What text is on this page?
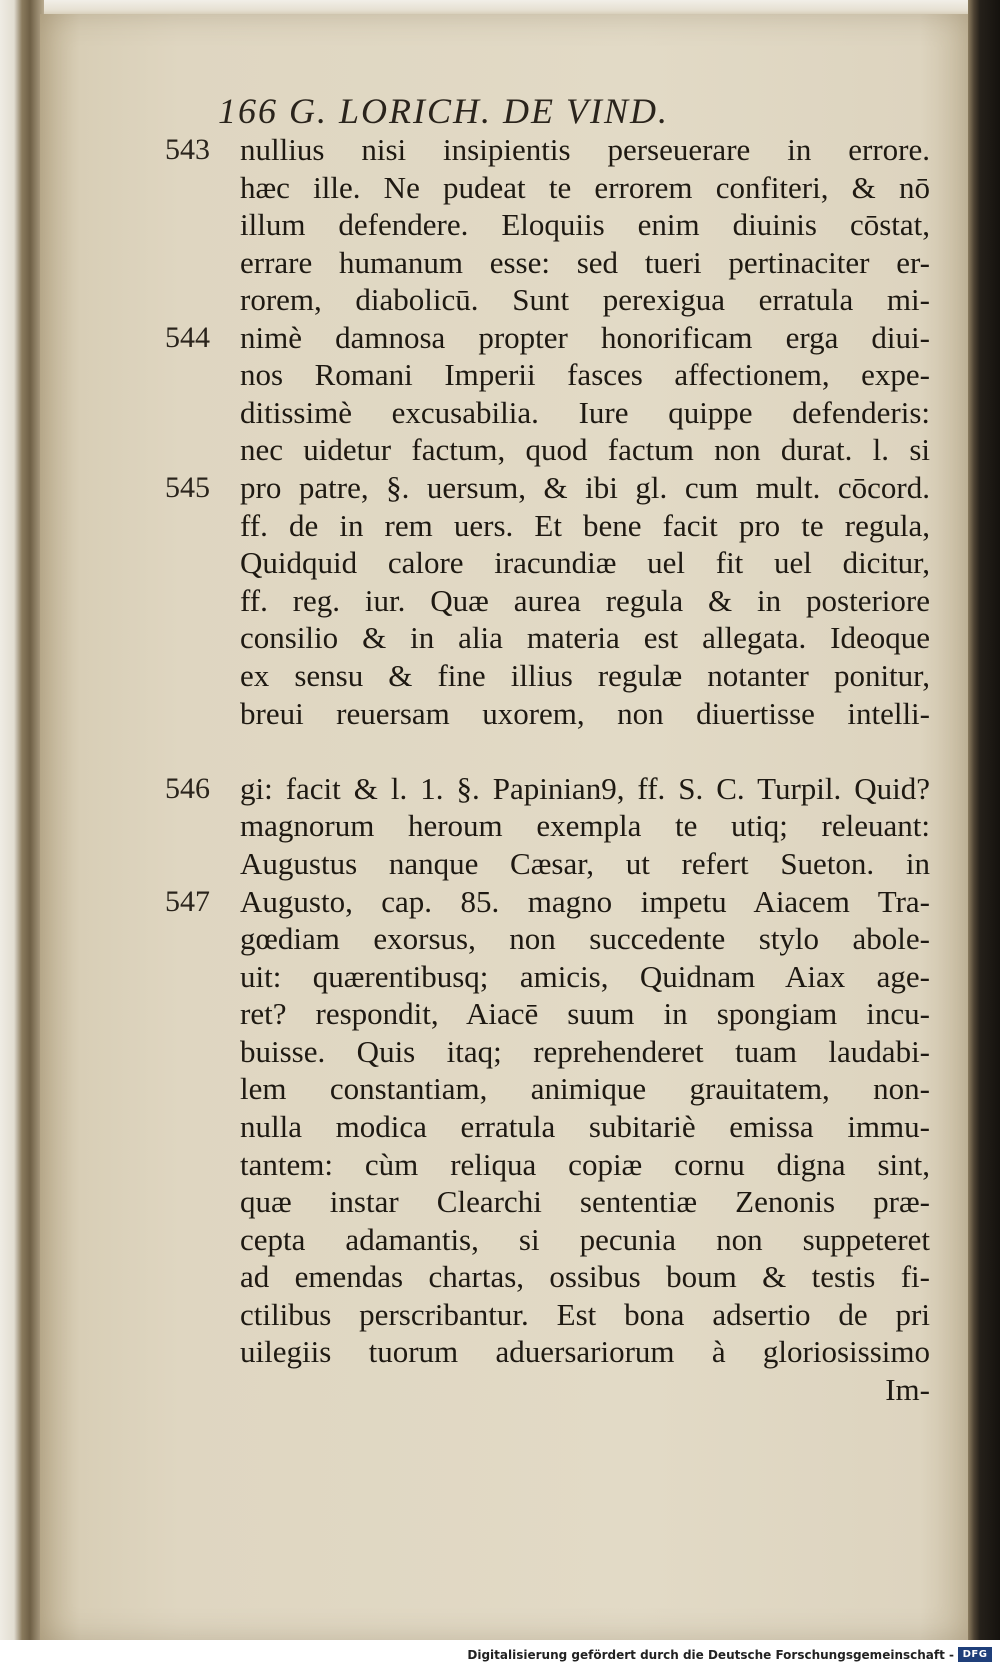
166 G. LORICH. DE VIND.
543
544
545
546
547
nullius nisi insipientis perseuerare in errore.
hæc ille. Ne pudeat te errorem confiteri, & nō
illum defendere. Eloquiis enim diuinis cōstat,
errare humanum esse: sed tueri pertinaciter er-
rorem, diabolicū. Sunt perexigua erratula mi-
nimè damnosa propter honorificam erga diui-
nos Romani Imperii fasces affectionem, expe-
ditissimè excusabilia. Iure quippe defenderis:
nec uidetur factum, quod factum non durat. l. si
pro patre, §. uersum, & ibi gl. cum mult. cōcord.
ff. de in rem uers. Et bene facit pro te regula,
Quidquid calore iracundiæ uel fit uel dicitur,
ff. reg. iur. Quæ aurea regula & in posteriore
consilio & in alia materia est allegata. Ideoque
ex sensu & fine illius regulæ notanter ponitur,
breui reuersam uxorem, non diuertisse intelli-
gi: facit & l. 1. §. Papinian9, ff. S. C. Turpil. Quid?
magnorum heroum exempla te utiq; releuant:
Augustus nanque Cæsar, ut refert Sueton. in
Augusto, cap. 85. magno impetu Aiacem Tra-
gœdiam exorsus, non succedente stylo abole-
uit: quærentibusq; amicis, Quidnam Aiax age-
ret? respondit, Aiacē suum in spongiam incu-
buisse. Quis itaq; reprehenderet tuam laudabi-
lem constantiam, animique grauitatem, non-
nulla modica erratula subitariè emissa immu-
tantem: cùm reliqua copiæ cornu digna sint,
quæ instar Clearchi sententiæ Zenonis præ-
cepta adamantis, si pecunia non suppeteret
ad emendas chartas, ossibus boum & testis fi-
ctilibus perscribantur. Est bona adsertio de pri
uilegiis tuorum aduersariorum à gloriosissimo
Im-
Digitalisierung gefördert durch die Deutsche Forschungsgemeinschaft - DFG
